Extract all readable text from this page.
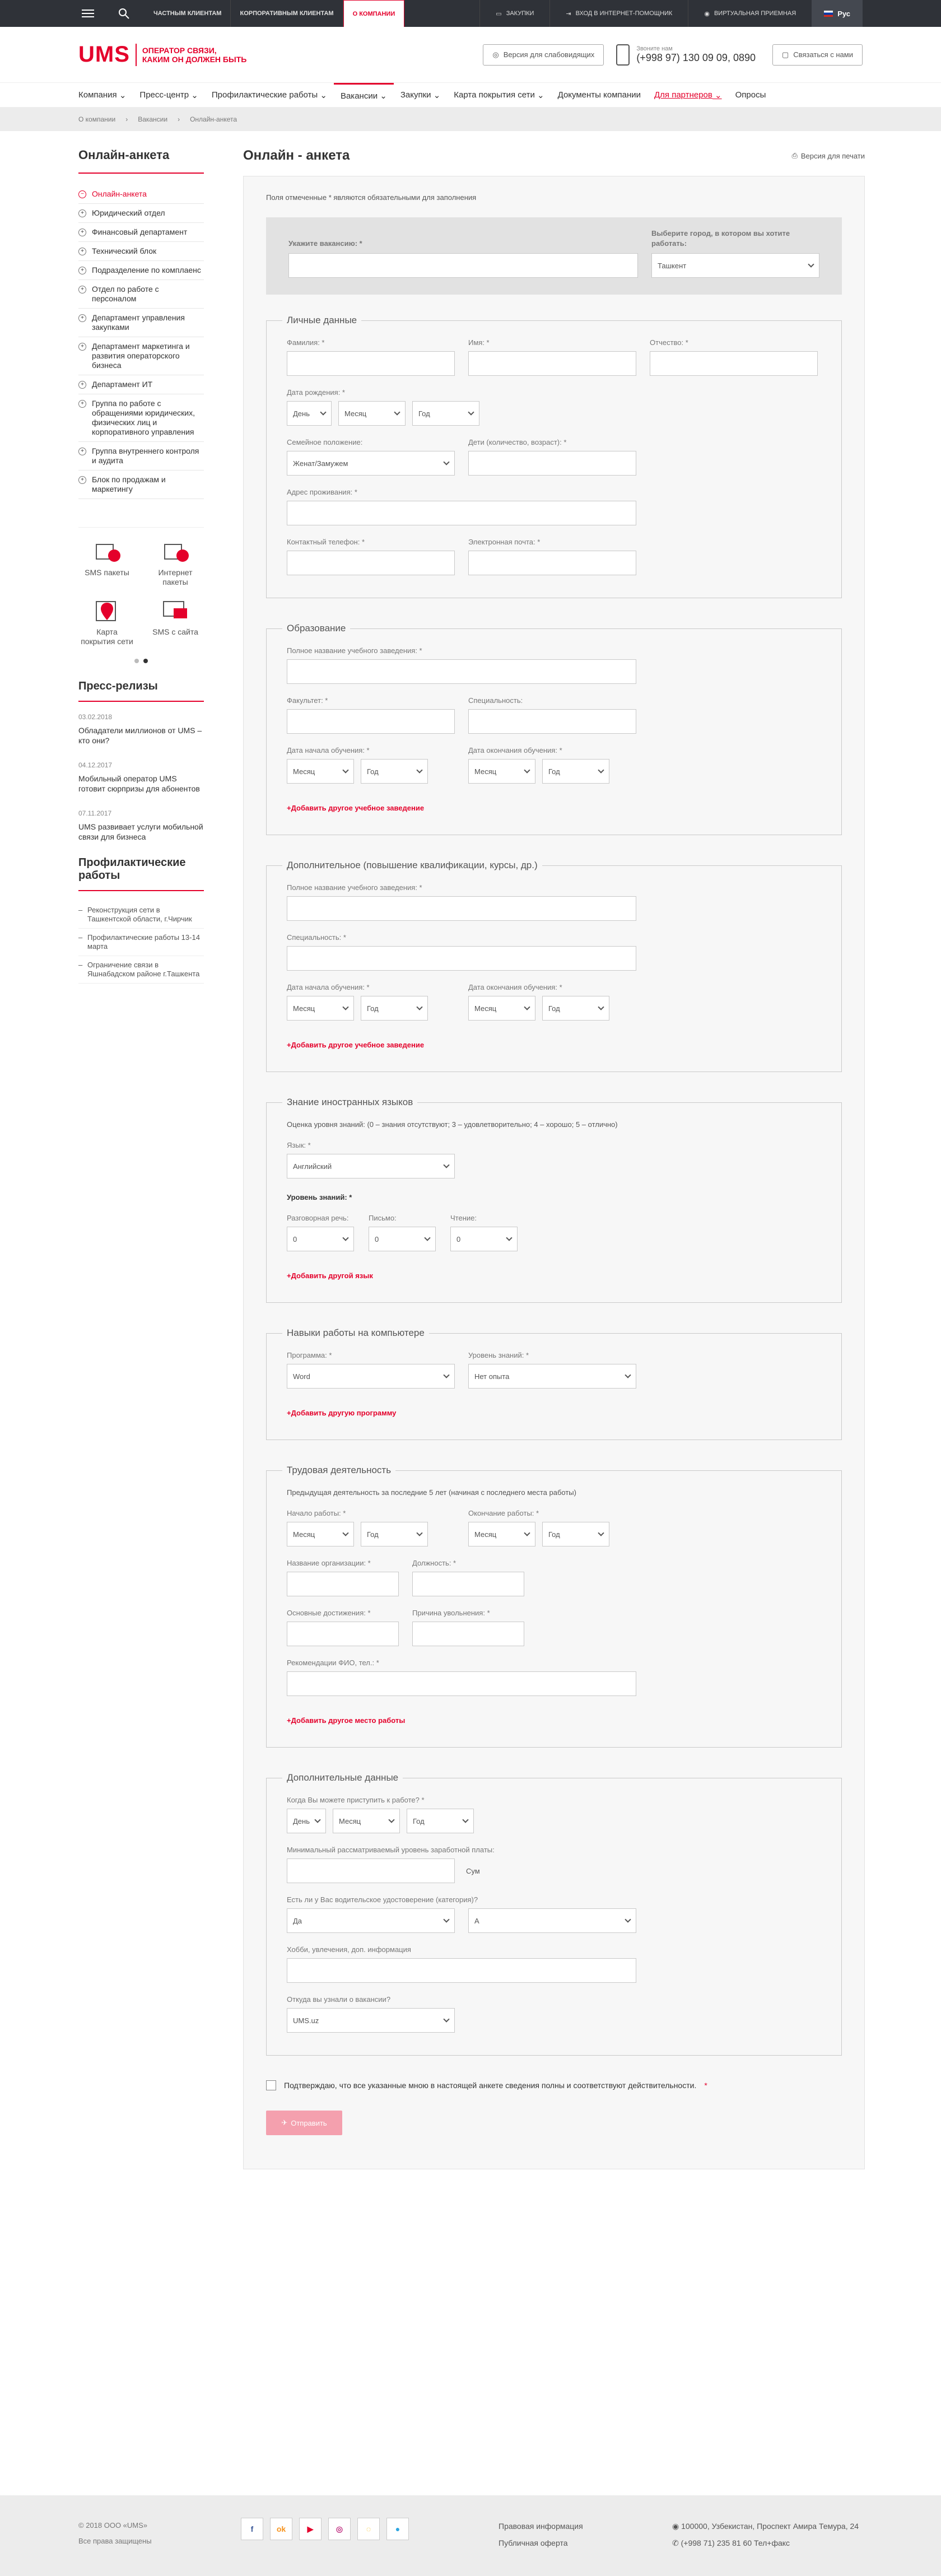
ЧАСТНЫМ КЛИЕНТАМ	КОРПОРАТИВНЫМ КЛИЕНТАМ	О КОМПАНИИ	▭ ЗАКУПКИ	⇥ ВХОД В ИНТЕРНЕТ-ПОМОЩНИК	◉ ВИРТУАЛЬНАЯ ПРИЕМНАЯ	Рус
UMS ОПЕРАТОР СВЯЗИ,
КАКИМ ОН ДОЛЖЕН БЫТЬ
◎ Версия для слабовидящих
Звоните нам
(+998 97) 130 09 09, 0890	▢ Связаться с нами
Компания ⌄	Пресс-центр ⌄	Профилактические работы ⌄	Вакансии ⌄	Закупки ⌄	Карта покрытия сети ⌄	Документы компании Для партнеров ⌄	Опросы
О компании › Вакансии › Онлайн-анкета
Онлайн-анкета
− Онлайн-анкета
+ Юридический отдел
+ Финансовый департамент
+ Технический блок
+ Подразделение по комплаенс
+ Отдел по работе с персоналом
+ Департамент управления закупками
+ Департамент маркетинга и развития операторского бизнеса
+ Департамент ИТ
+ Группа по работе с обращениями юридических, физических лиц и корпоративного управления
+ Группа внутреннего контроля и аудита
+ Блок по продажам и маркетингу
SMS пакеты	Интернет пакеты
Карта покрытия сети
SMS с сайта
Пресс-релизы
03.02.2018
Обладатели миллионов от UMS – кто они?
04.12.2017
Мобильный оператор UMS готовит сюрпризы для абонентов
07.11.2017
UMS развивает услуги мобильной связи для бизнеса
Профилактические работы
– Реконструкция сети в Ташкентской области, г.Чирчик
– Профилактические работы 13-14 марта
– Ограничение связи в Яшнабадском районе г.Ташкента
Онлайн - анкета	⎙ Версия для печати
Поля отмеченные * являются обязательными для заполнения
Укажите вакансию: *
Выберите город, в котором вы хотите работать:
Ташкент
Личные данные
Фамилия: *	Имя: *	Отчество: *
Дата рождения: *
День	Месяц	Год
Семейное положение:
Женат/Замужем
Дети (количество, возраст): *
Адрес проживания: *
Контактный телефон: *	Электронная почта: *
Образование
Полное название учебного заведения: *
Факультет: *	Специальность:
Дата начала обучения: *
Месяц	Год
Дата окончания обучения: *
Месяц	Год
+Добавить другое учебное заведение
Дополнительное (повышение квалификации, курсы, др.)
Полное название учебного заведения: *
Специальность: *
Дата начала обучения: *
Месяц	Год
Дата окончания обучения: *
Месяц	Год
+Добавить другое учебное заведение
Знание иностранных языков
Оценка уровня знаний: (0 – знания отсутствуют; 3 – удовлетворительно; 4 – хорошо; 5 – отлично)
Язык: *
Английский
Уровень знаний: *
Разговорная речь:
0
Письмо:
0
Чтение:
0
+Добавить другой язык
Навыки работы на компьютере
Программа: *
Word
Уровень знаний: *
Нет опыта
+Добавить другую программу
Трудовая деятельность
Предыдущая деятельность за последние 5 лет (начиная с последнего места работы)
Начало работы: *
Месяц	Год
Окончание работы: *
Месяц	Год
Название организации: *	Должность: *
Основные достижения: *	Причина увольнения: *
Рекомендации ФИО, тел.: *
+Добавить другое место работы
Дополнительные данные
Когда Вы можете приступить к работе? *
День	Месяц	Год
Минимальный рассматриваемый уровень заработной платы:
Сум
Есть ли у Вас водительское удостоверение (категория)?
Да	A
Хобби, увлечения, доп. информация
Откуда вы узнали о вакансии?
UMS.uz
Подтверждаю, что все указанные мною в настоящей анкете сведения полны и соответствуют действительности. *
✈ Отправить
© 2018 ООО «UMS»
Все права защищены
f	ok	▶	◎	◌	●	Правовая информация
Публичная оферта
◉ 100000, Узбекистан, Проспект Амира Темура, 24
✆ (+998 71) 235 81 60 Тел+факс
